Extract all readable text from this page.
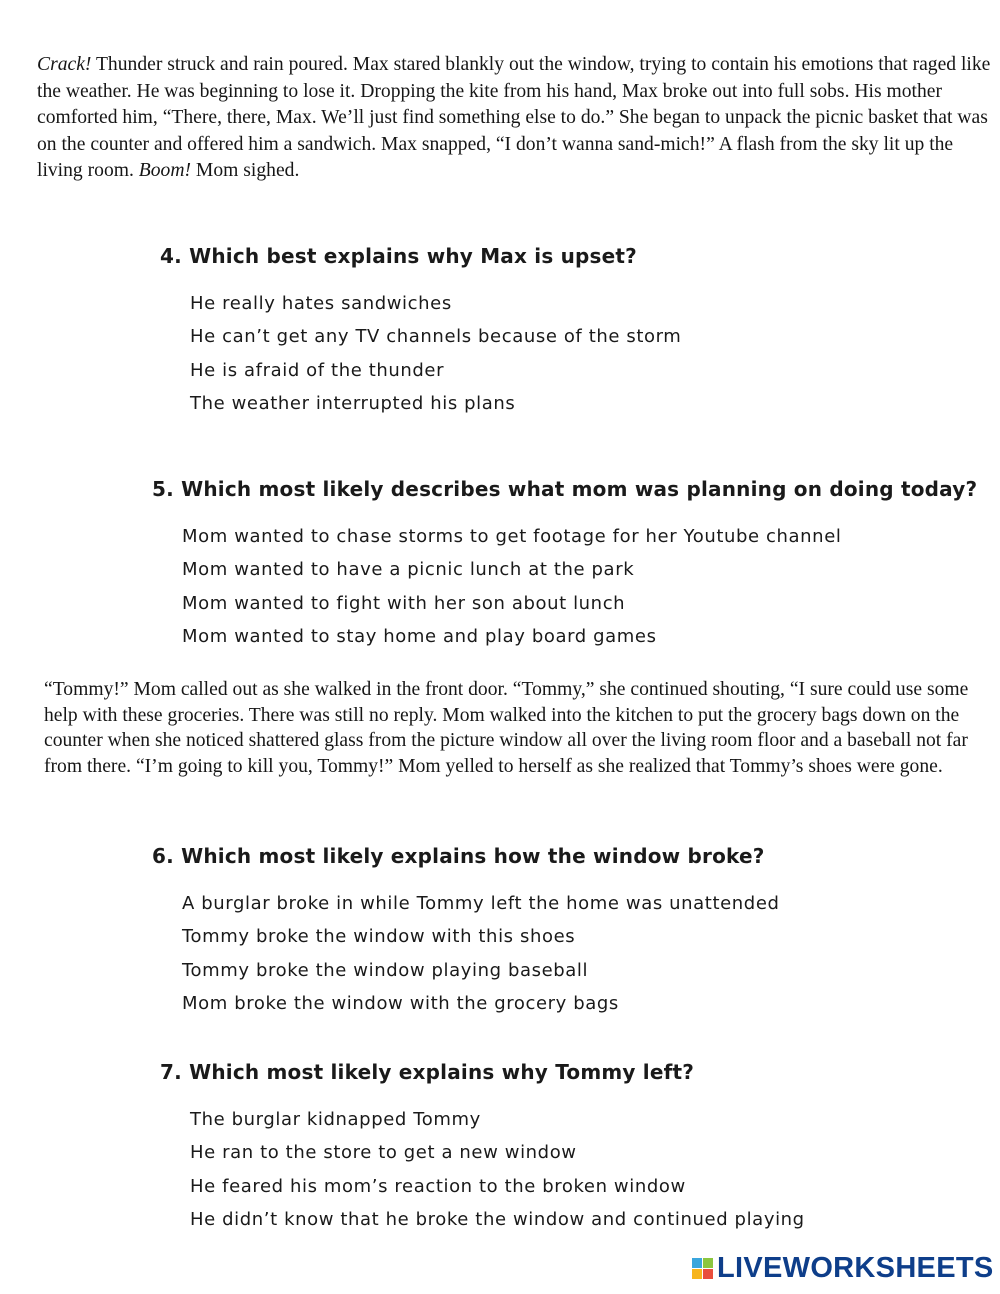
Crack! Thunder struck and rain poured. Max stared blankly out the window, trying to contain his emotions that raged like the weather. He was beginning to lose it. Dropping the kite from his hand, Max broke out into full sobs. His mother comforted him, “There, there, Max. We’ll just find something else to do.” She began to unpack the picnic basket that was on the counter and offered him a sandwich. Max snapped, “I don’t wanna sand-mich!” A flash from the sky lit up the living room. Boom! Mom sighed.

4. Which best explains why Max is upset?

He really hates sandwiches
He can’t get any TV channels because of the storm
He is afraid of the thunder
The weather interrupted his plans

5. Which most likely describes what mom was planning on doing today?

Mom wanted to chase storms to get footage for her Youtube channel
Mom wanted to have a picnic lunch at the park
Mom wanted to fight with her son about lunch
Mom wanted to stay home and play board games

“Tommy!” Mom called out as she walked in the front door. “Tommy,” she continued shouting, “I sure could use some help with these groceries. There was still no reply. Mom walked into the kitchen to put the grocery bags down on the counter when she noticed shattered glass from the picture window all over the living room floor and a baseball not far from there. “I’m going to kill you, Tommy!” Mom yelled to herself as she realized that Tommy’s shoes were gone.

6. Which most likely explains how the window broke?

A burglar broke in while Tommy left the home was unattended
Tommy broke the window with this shoes
Tommy broke the window playing baseball
Mom broke the window with the grocery bags

7. Which most likely explains why Tommy left?

The burglar kidnapped Tommy
He ran to the store to get a new window
He feared his mom’s reaction to the broken window
He didn’t know that he broke the window and continued playing
LIVEWORKSHEETS
